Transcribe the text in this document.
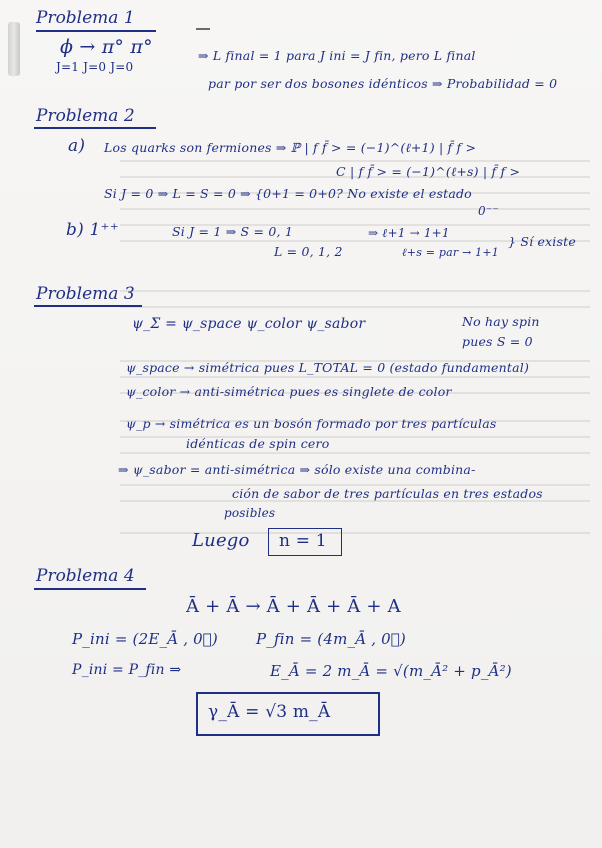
Problema 1
ϕ → π° π°
J=1 J=0 J=0
⇒ L final = 1 para J ini = J fin, pero L final
par por ser dos bosones idénticos ⇒ Probabilidad = 0
Problema 2
a) Los quarks son fermiones ⇒ ℙ | f f̄ > = (−1)^(ℓ+1) | f̄ f >
C | f f̄ > = (−1)^(ℓ+s) | f̄ f >
Si J = 0 ⇒ L = S = 0 ⇒ {0+1 = 0+0? No existe el estado
0⁻⁻
b) 1⁺⁺	Si J = 1 ⇒ S = 0, 1
L = 0, 1, 2
⇒ ℓ+1 → 1+1
ℓ+s = par → 1+1
} Sí existe
Problema 3
ψ_Σ = ψ_space ψ_color ψ_sabor	No hay spin
pues S = 0
ψ_space → simétrica pues L_TOTAL = 0 (estado fundamental)
ψ_color → anti-simétrica pues es singlete de color
ψ_p → simétrica es un bosón formado por tres partículas
idénticas de spin cero
⇒ ψ_sabor = anti-simétrica ⇒ sólo existe una combina-
ción de sabor de tres partículas en tres estados
posibles
Luego n = 1
Problema 4
Ā + Ā → Ā + Ā + Ā + A
P_ini = (2E_Ā , 0⃗)	P_fin = (4m_Ā , 0⃗)
P_ini = P_fin ⇒	E_Ā = 2 m_Ā = √(m_Ā² + p_Ā²)
γ_Ā = √3 m_Ā
